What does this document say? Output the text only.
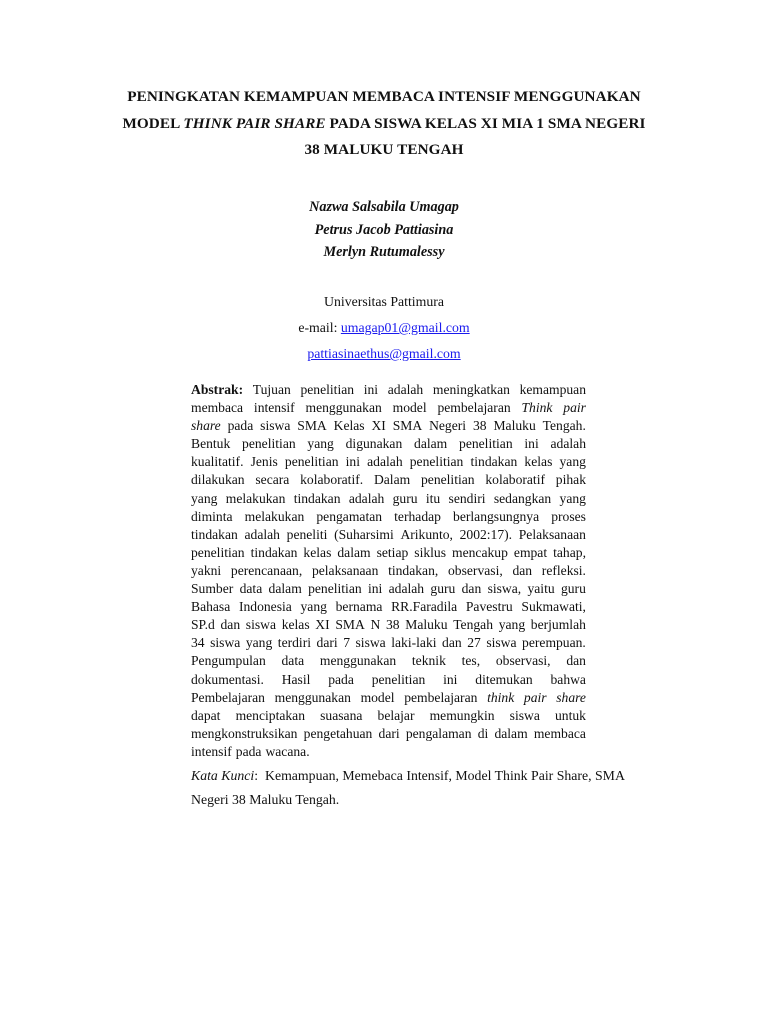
PENINGKATAN KEMAMPUAN MEMBACA INTENSIF MENGGUNAKAN
MODEL THINK PAIR SHARE PADA SISWA KELAS XI MIA 1 SMA NEGERI
38 MALUKU TENGAH
Nazwa Salsabila Umagap
Petrus Jacob Pattiasina
Merlyn Rutumalessy
Universitas Pattimura
e-mail: umagap01@gmail.com
pattiasinaethus@gmail.com
Abstrak: Tujuan penelitian ini adalah meningkatkan kemampuan
membaca intensif menggunakan model pembelajaran Think pair
share pada siswa SMA Kelas XI SMA Negeri 38 Maluku Tengah.
Bentuk penelitian yang digunakan dalam penelitian ini adalah
kualitatif. Jenis penelitian ini adalah penelitian tindakan kelas yang
dilakukan secara kolaboratif. Dalam penelitian kolaboratif pihak
yang melakukan tindakan adalah guru itu sendiri sedangkan yang
diminta melakukan pengamatan terhadap berlangsungnya proses
tindakan adalah peneliti (Suharsimi Arikunto, 2002:17). Pelaksanaan
penelitian tindakan kelas dalam setiap siklus mencakup empat tahap,
yakni perencanaan, pelaksanaan tindakan, observasi, dan refleksi.
Sumber data dalam penelitian ini adalah guru dan siswa, yaitu guru
Bahasa Indonesia yang bernama RR.Faradila Pavestru Sukmawati,
SP.d dan siswa kelas XI SMA N 38 Maluku Tengah yang berjumlah
34 siswa yang terdiri dari 7 siswa laki-laki dan 27 siswa perempuan.
Pengumpulan data menggunakan teknik tes, observasi, dan
dokumentasi. Hasil pada penelitian ini ditemukan bahwa
Pembelajaran menggunakan model pembelajaran think pair share
dapat menciptakan suasana belajar memungkin siswa untuk
mengkonstruksikan pengetahuan dari pengalaman di dalam membaca
intensif pada wacana.
Kata Kunci:  Kemampuan, Memebaca Intensif, Model Think Pair Share, SMA
Negeri 38 Maluku Tengah.
